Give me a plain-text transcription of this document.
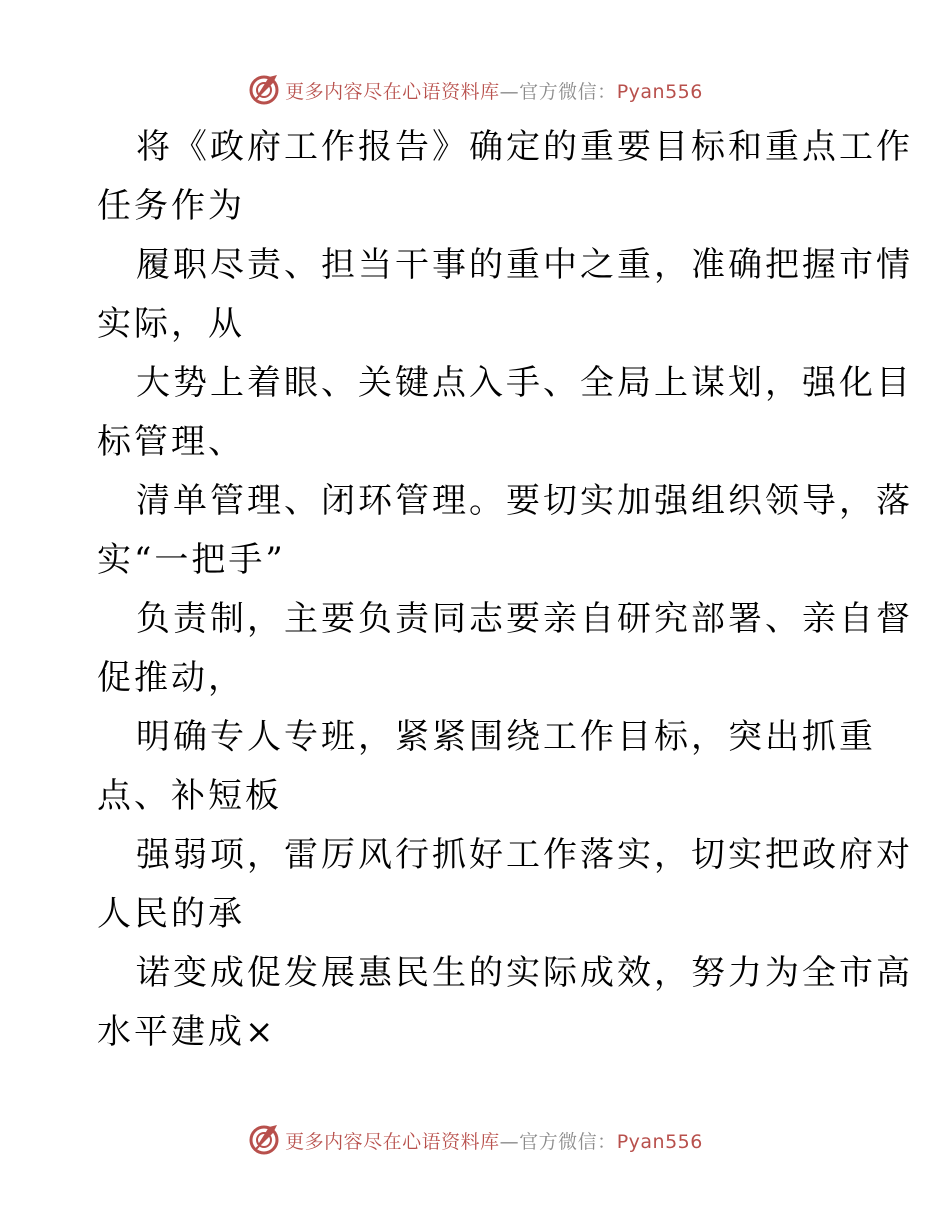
更多内容尽在心语资料库—官方微信：Pyan556
将《政府工作报告》确定的重要目标和重点工作
任务作为
履职尽责、担当干事的重中之重，准确把握市情
实际，从
大势上着眼、关键点入手、全局上谋划，强化目
标管理、
清单管理、闭环管理。要切实加强组织领导，落
实“一把手”
负责制，主要负责同志要亲自研究部署、亲自督
促推动，
明确专人专班，紧紧围绕工作目标，突出抓重
点、补短板
强弱项，雷厉风行抓好工作落实，切实把政府对
人民的承
诺变成促发展惠民生的实际成效，努力为全市高
水平建成×
更多内容尽在心语资料库—官方微信：Pyan556
